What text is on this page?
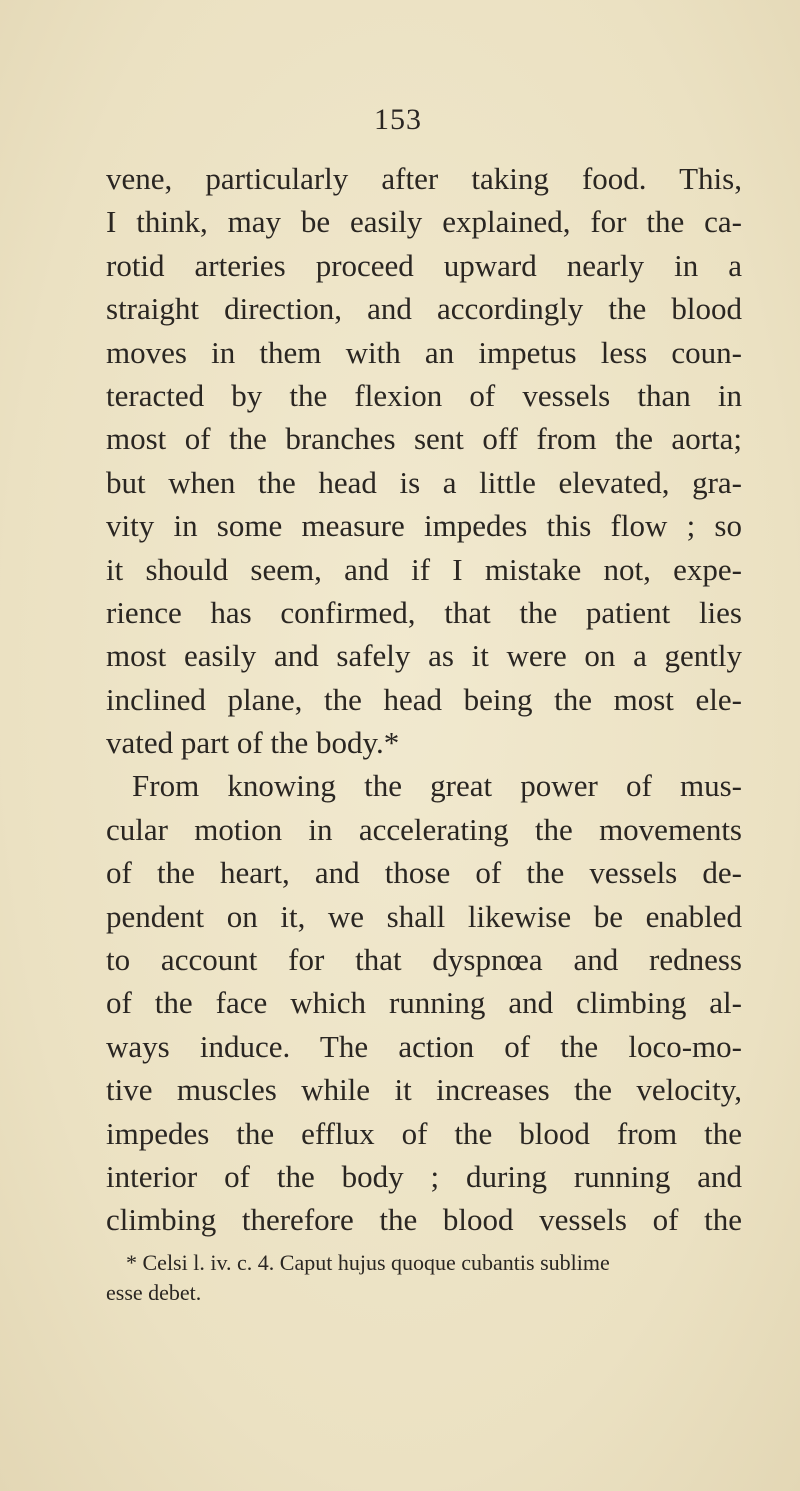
153
vene, particularly after taking food. This,
I think, may be easily explained, for the ca-
rotid arteries proceed upward nearly in a
straight direction, and accordingly the blood
moves in them with an impetus less coun-
teracted by the flexion of vessels than in
most of the branches sent off from the aorta;
but when the head is a little elevated, gra-
vity in some measure impedes this flow ; so
it should seem, and if I mistake not, expe-
rience has confirmed, that the patient lies
most easily and safely as it were on a gently
inclined plane, the head being the most ele-
vated part of the body.*
From knowing the great power of mus-
cular motion in accelerating the movements
of the heart, and those of the vessels de-
pendent on it, we shall likewise be enabled
to account for that dyspnœa and redness
of the face which running and climbing al-
ways induce. The action of the loco-mo-
tive muscles while it increases the velocity,
impedes the efflux of the blood from the
interior of the body ; during running and
climbing therefore the blood vessels of the
* Celsi l. iv. c. 4. Caput hujus quoque cubantis sublime
esse debet.
